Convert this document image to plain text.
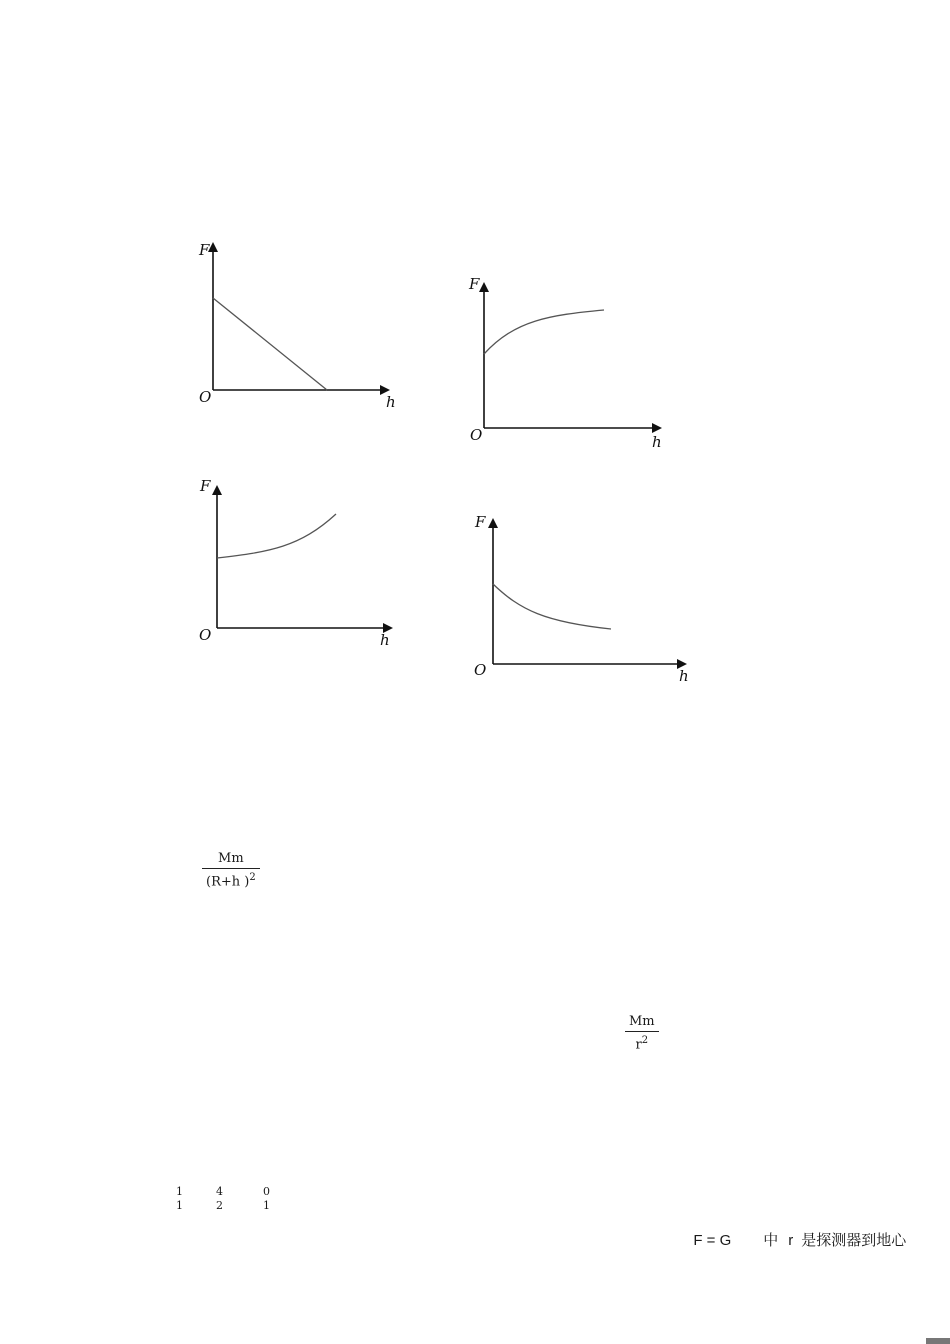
F
h
O
F
h
O
F
h
O
F
h
O
$\frac{Mm}{(R+h )^2}$
$\frac{Mm}{r^2}$
1	4	0
1	2	1

F = G 中 r 是探测器到地心
